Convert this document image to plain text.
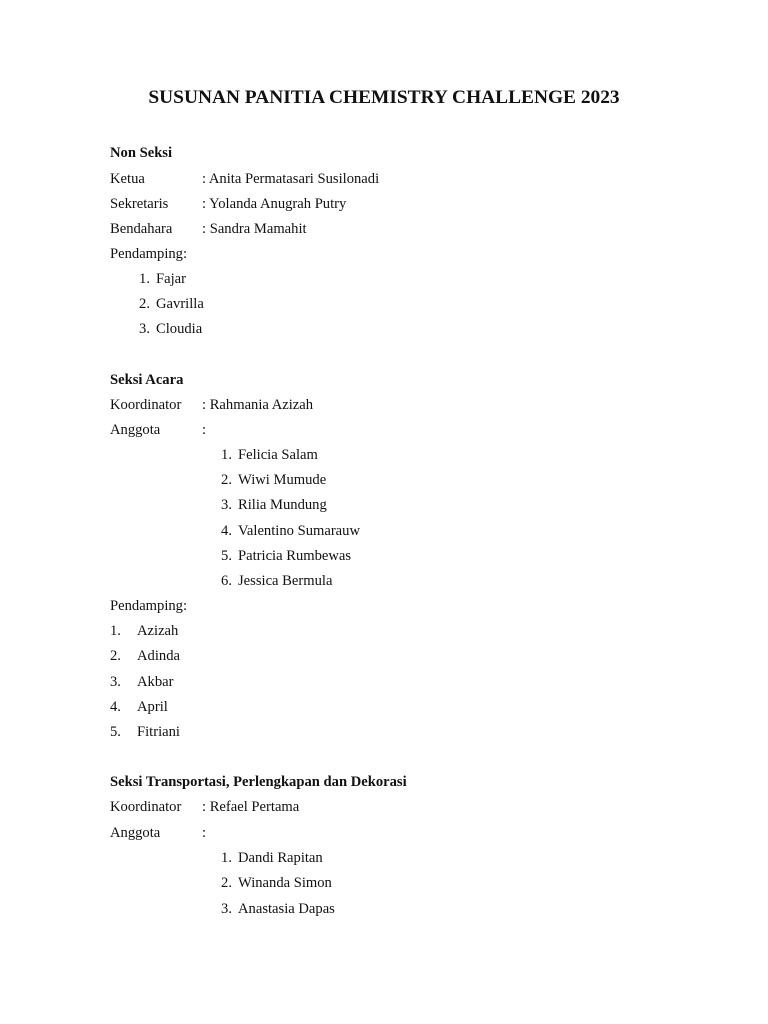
SUSUNAN PANITIA CHEMISTRY CHALLENGE 2023
Non Seksi
Ketua	: Anita Permatasari Susilonadi
Sekretaris : Yolanda Anugrah Putry
Bendahara : Sandra Mamahit
Pendamping:
1. Fajar
2. Gavrilla
3. Cloudia
Seksi Acara
Koordinator : Rahmania Azizah
Anggota	:
1. Felicia Salam
2. Wiwi Mumude
3. Rilia Mundung
4. Valentino Sumarauw
5. Patricia Rumbewas
6. Jessica Bermula
Pendamping:
1. Azizah
2. Adinda
3. Akbar
4. April
5. Fitriani
Seksi Transportasi, Perlengkapan dan Dekorasi
Koordinator : Refael Pertama
Anggota	:
1. Dandi Rapitan
2. Winanda Simon
3. Anastasia Dapas
